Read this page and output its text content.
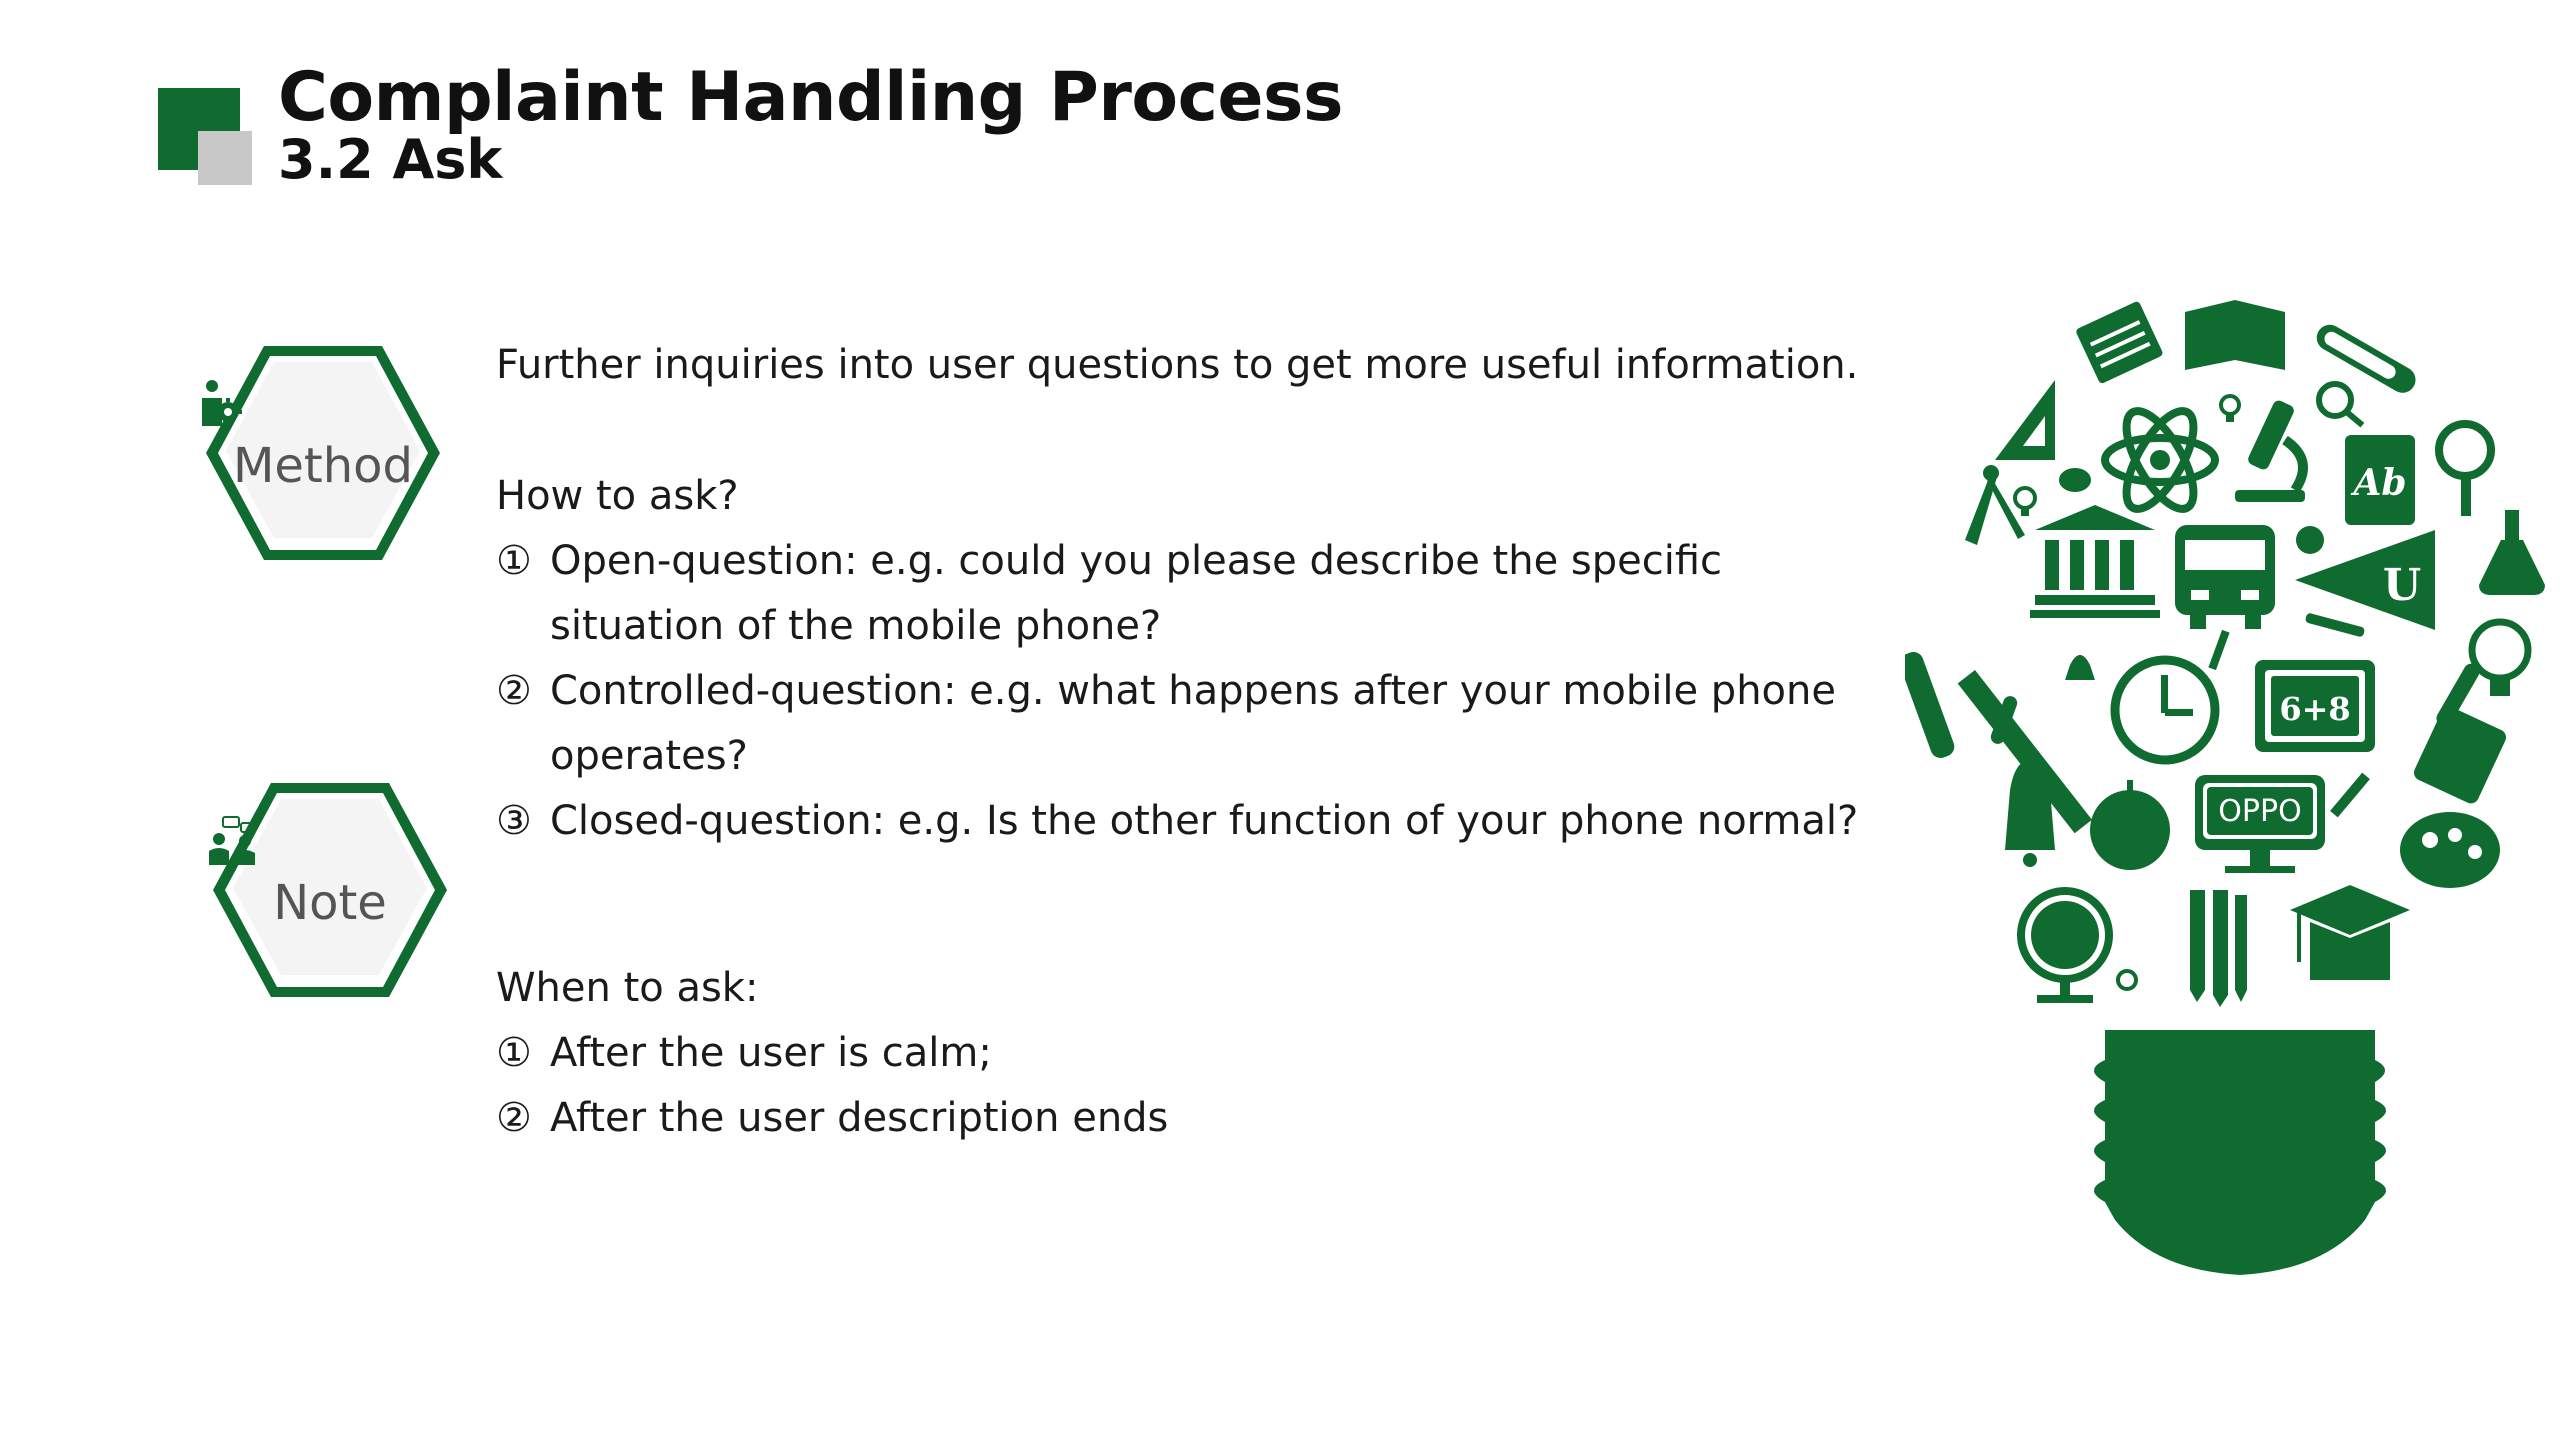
Complaint Handling Process
3.2 Ask
Method
Note
Further inquiries into user questions to get more useful information.
How to ask?
① Open-question: e.g. could you please describe the specific
situation of the mobile phone?
② Controlled-question: e.g. what happens after your mobile phone
operates?
③ Closed-question: e.g. Is the other function of your phone normal?
When to ask:
① After the user is calm;
② After the user description ends
Ab
U
6+8
OPPO
